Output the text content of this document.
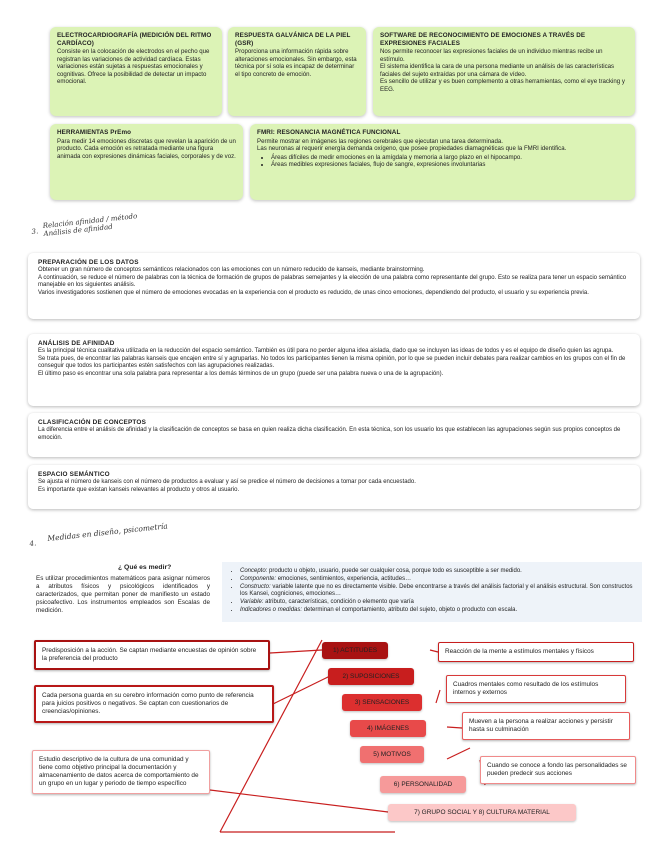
ELECTROCARDIOGRAFÍA (MEDICIÓN DEL RITMO CARDÍACO)

Consiste en la colocación de electrodos en el pecho que registran las variaciones de actividad cardíaca. Estas variaciones están sujetas a respuestas emocionales y cognitivas. Ofrece la posibilidad de detectar un impacto emocional.

RESPUESTA GALVÁNICA DE LA PIEL (GSR)

Proporciona una información rápida sobre alteraciones emocionales. Sin embargo, esta técnica por sí sola es incapaz de determinar el tipo concreto de emoción.

SOFTWARE DE RECONOCIMIENTO DE EMOCIONES A TRAVÉS DE EXPRESIONES FACIALES

Nos permite reconocer las expresiones faciales de un individuo mientras recibe un estímulo.

El sistema identifica la cara de una persona mediante un análisis de las características faciales del sujeto extraídas por una cámara de vídeo.

Es sencillo de utilizar y es buen complemento a otras herramientas, como el eye tracking y EEG.

HERRAMIENTAS PrEmo

Para medir 14 emociones discretas que revelan la aparición de un producto. Cada emoción es retratada mediante una figura animada con expresiones dinámicas faciales, corporales y de voz.

FMRI: RESONANCIA MAGNÉTICA FUNCIONAL

Permite mostrar en imágenes las regiones cerebrales que ejecutan una tarea determinada.

Las neuronas al requerir energía demanda oxígeno, que posee propiedades diamagnéticas que la FMRI identifica.

• Áreas difíciles de medir emociones en la amígdala y memoria a largo plazo en el hipocampo.
• Áreas medibles expresiones faciales, flujo de sangre, expresiones involuntarias
3.
Relación afinidad / método Análisis de afinidad
PREPARACIÓN DE LOS DATOS

Obtener un gran número de conceptos semánticos relacionados con las emociones con un número reducido de kanseis, mediante brainstorming.

A continuación, se reduce el número de palabras con la técnica de formación de grupos de palabras semejantes y la elección de una palabra como representante del grupo. Esto se realiza para tener un espacio semántico manejable en los siguientes análisis.

Varios investigadores sostienen que el número de emociones evocadas en la experiencia con el producto es reducido, de unas cinco emociones, dependiendo del producto, el usuario y su experiencia previa.

ANÁLISIS DE AFINIDAD

Es la principal técnica cualitativa utilizada en la reducción del espacio semántico. También es útil para no perder alguna idea aislada, dado que se incluyen las ideas de todos y es el equipo de diseño quien las agrupa.

Se trata pues, de encontrar las palabras kanseis que encajen entre sí y agruparlas. No todos los participantes tienen la misma opinión, por lo que se pueden incluir debates para realizar cambios en los grupos con el fin de conseguir que todos los participantes estén satisfechos con las agrupaciones realizadas.

El último paso es encontrar una sola palabra para representar a los demás términos de un grupo (puede ser una palabra nueva o una de la agrupación).

CLASIFICACIÓN DE CONCEPTOS

La diferencia entre el análisis de afinidad y la clasificación de conceptos se basa en quien realiza dicha clasificación. En esta técnica, son los usuario los que establecen las agrupaciones según sus propios conceptos de emoción.

ESPACIO SEMÁNTICO

Se ajusta el número de kanseis con el número de productos a evaluar y así se predice el número de decisiones a tomar por cada encuestado.

Es importante que existan kanseis relevantes al producto y otros al usuario.

4.
Medidas en diseño, psicometría
¿ Qué es medir?
Es utilizar procedimientos matemáticos para asignar números a atributos físicos y psicológicos identificados y caracterizados, que permitan poner de manifiesto un estado psicoafectivo. Los instrumentos empleados son Escalas de medición.
• Concepto: producto u objeto, usuario, puede ser cualquier cosa, porque todo es susceptible a ser medido.
• Componente: emociones, sentimientos, experiencia, actitudes…
• Constructo: variable latente que no es directamente visible. Debe encontrarse a través del análisis factorial y el análisis estructural. Son constructos los Kansei, cogniciones, emociones…
• Variable: atributo, características, condición o elemento que varía
• Indicadores o medidas: determinan el comportamiento, atributo del sujeto, objeto o producto con escala.
1) ACTITUDES
2) SUPOSICIONES
3) SENSACIONES
4) IMÁGENES
5) MOTIVOS
6) PERSONALIDAD
7) GRUPO SOCIAL Y 8) CULTURA MATERIAL
Predisposición a la acción. Se captan mediante encuestas de opinión sobre la preferencia del producto
Cada persona guarda en su cerebro información como punto de referencia para juicios positivos o negativos. Se captan con cuestionarios de creencias/opiniones.
Estudio descriptivo de la cultura de una comunidad y tiene como objetivo principal la documentación y almacenamiento de datos acerca de comportamiento de un grupo en un lugar y periodo de tiempo específico
Reacción de la mente a estímulos mentales y físicos
Cuadros mentales como resultado de los estímulos internos y externos
Mueven a la persona a realizar acciones y persistir hasta su culminación
Cuando se conoce a fondo las personalidades se pueden predecir sus acciones
